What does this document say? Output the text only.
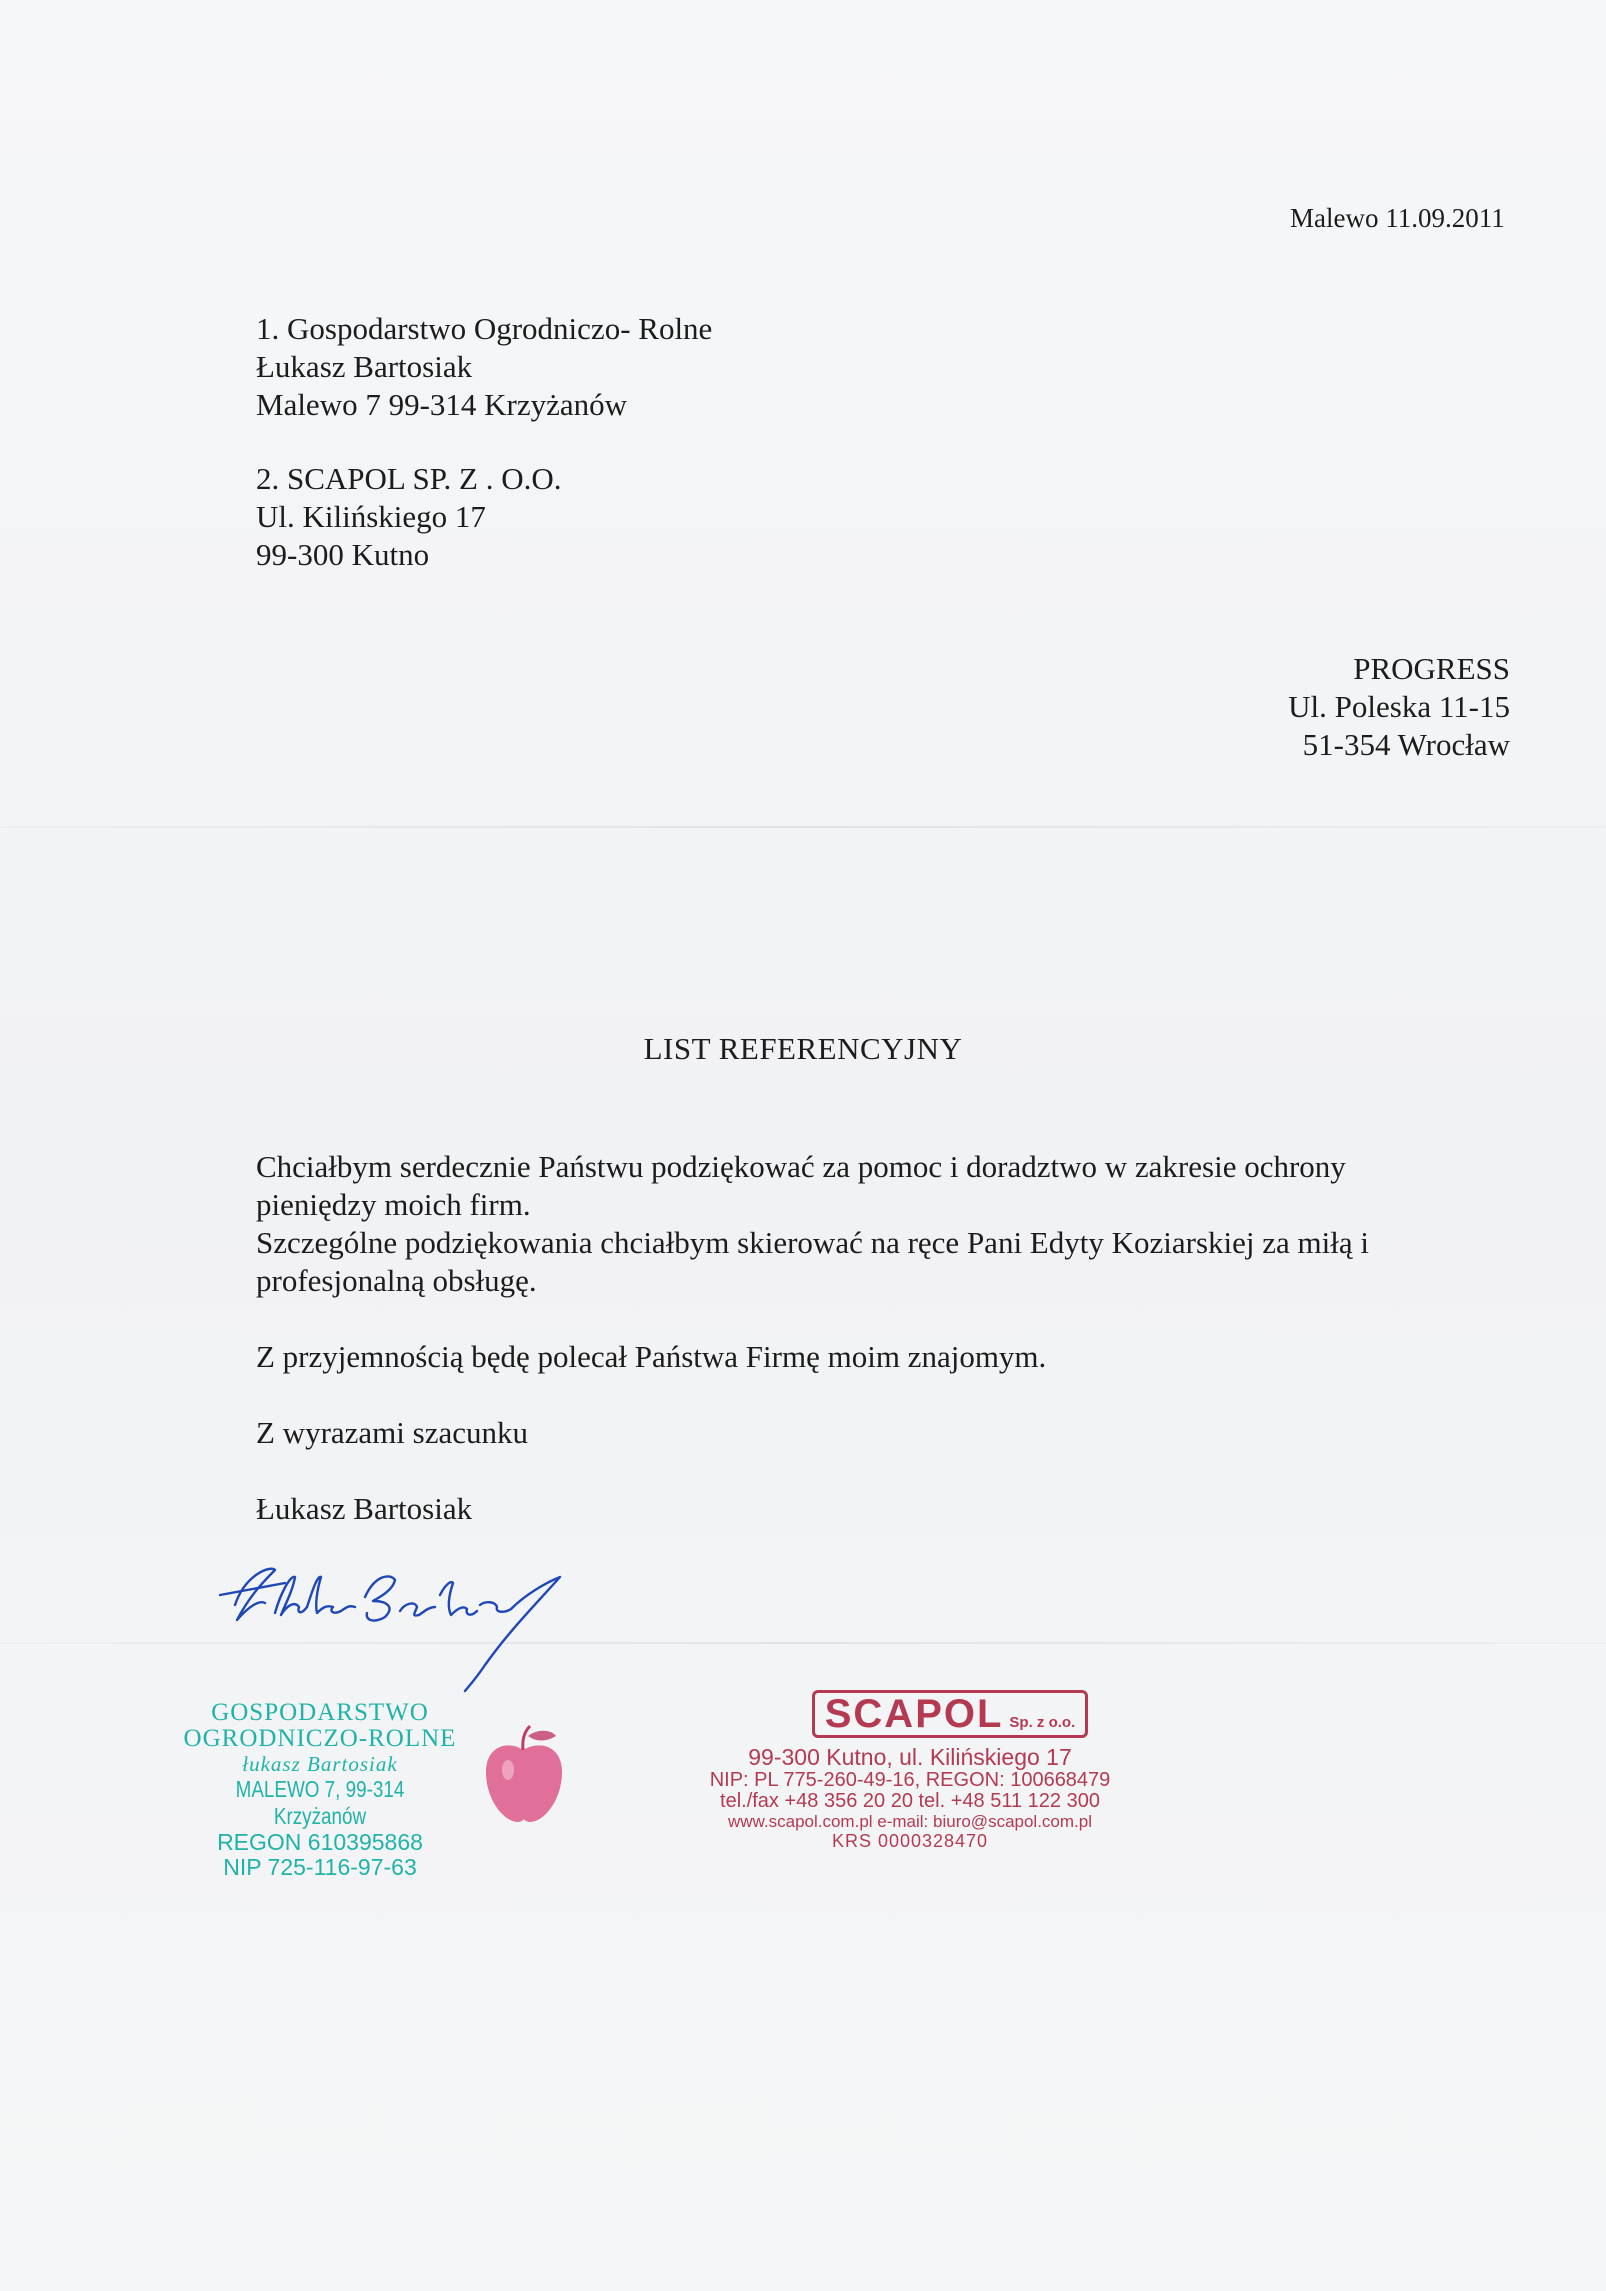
Malewo 11.09.2011
1. Gospodarstwo Ogrodniczo- Rolne
Łukasz Bartosiak
Malewo 7 99-314 Krzyżanów
2. SCAPOL SP. Z . O.O.
Ul. Kilińskiego 17
99-300 Kutno
PROGRESS
Ul. Poleska 11-15
51-354 Wrocław
LIST REFERENCYJNY

Chciałbym serdecznie Państwu podziękować za pomoc i doradztwo w zakresie ochrony

pieniędzy moich firm.

Szczególne podziękowania chciałbym skierować na ręce Pani Edyty Koziarskiej za miłą i

profesjonalną obsługę.

Z przyjemnością będę polecał Państwa Firmę moim znajomym.

Z wyrazami szacunku

Łukasz Bartosiak

GOSPODARSTWO
OGRODNICZO-ROLNE
łukasz Bartosiak
MALEWO 7, 99-314 Krzyżanów
REGON 610395868
NIP 725-116-97-63
SCAPOL Sp. z o.o.
99-300 Kutno, ul. Kilińskiego 17
NIP: PL 775-260-49-16, REGON: 100668479
tel./fax +48 356 20 20 tel. +48 511 122 300
www.scapol.com.pl e-mail: biuro@scapol.com.pl
KRS 0000328470
